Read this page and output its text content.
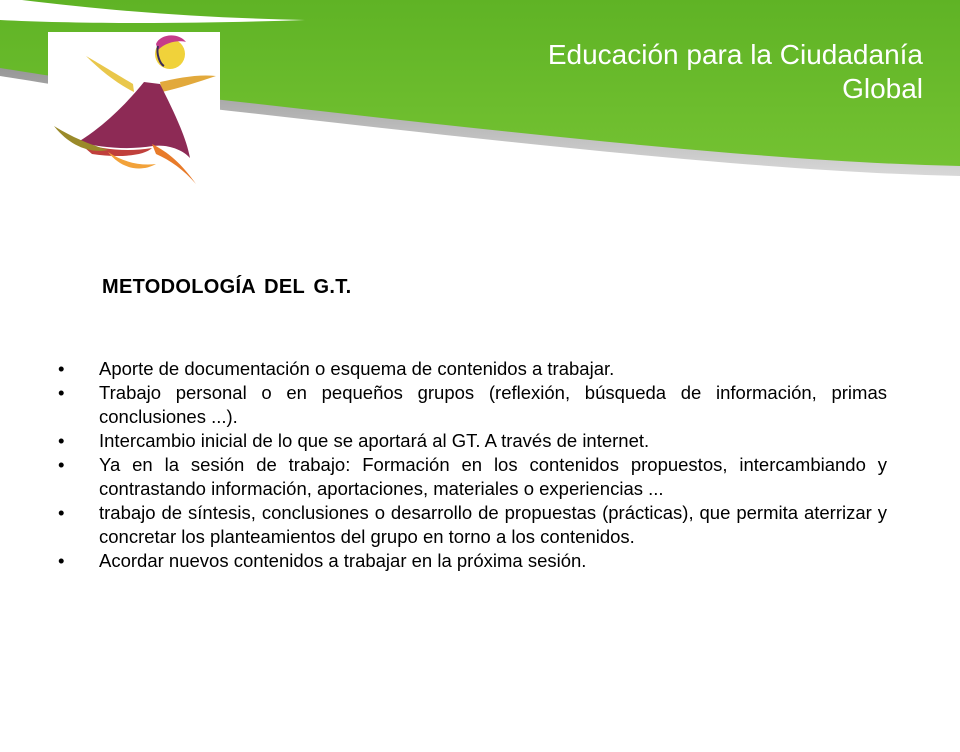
Educación para la Ciudadanía
Global
METODOLOGÍA DEL G.T.
•	Aporte de documentación o esquema de contenidos a trabajar.
•	Trabajo personal o en pequeños grupos (reflexión, búsqueda de información, primas conclusiones ...).
•	Intercambio inicial de lo que se aportará al GT. A través de internet.
•	Ya en la sesión de trabajo: Formación en los contenidos propuestos, intercambiando y contrastando información, aportaciones, materiales o experiencias ...
•	trabajo de síntesis, conclusiones o desarrollo de propuestas (prácticas), que permita aterrizar y concretar los planteamientos del grupo en torno a los contenidos.
•	Acordar nuevos contenidos a trabajar en la próxima sesión.
